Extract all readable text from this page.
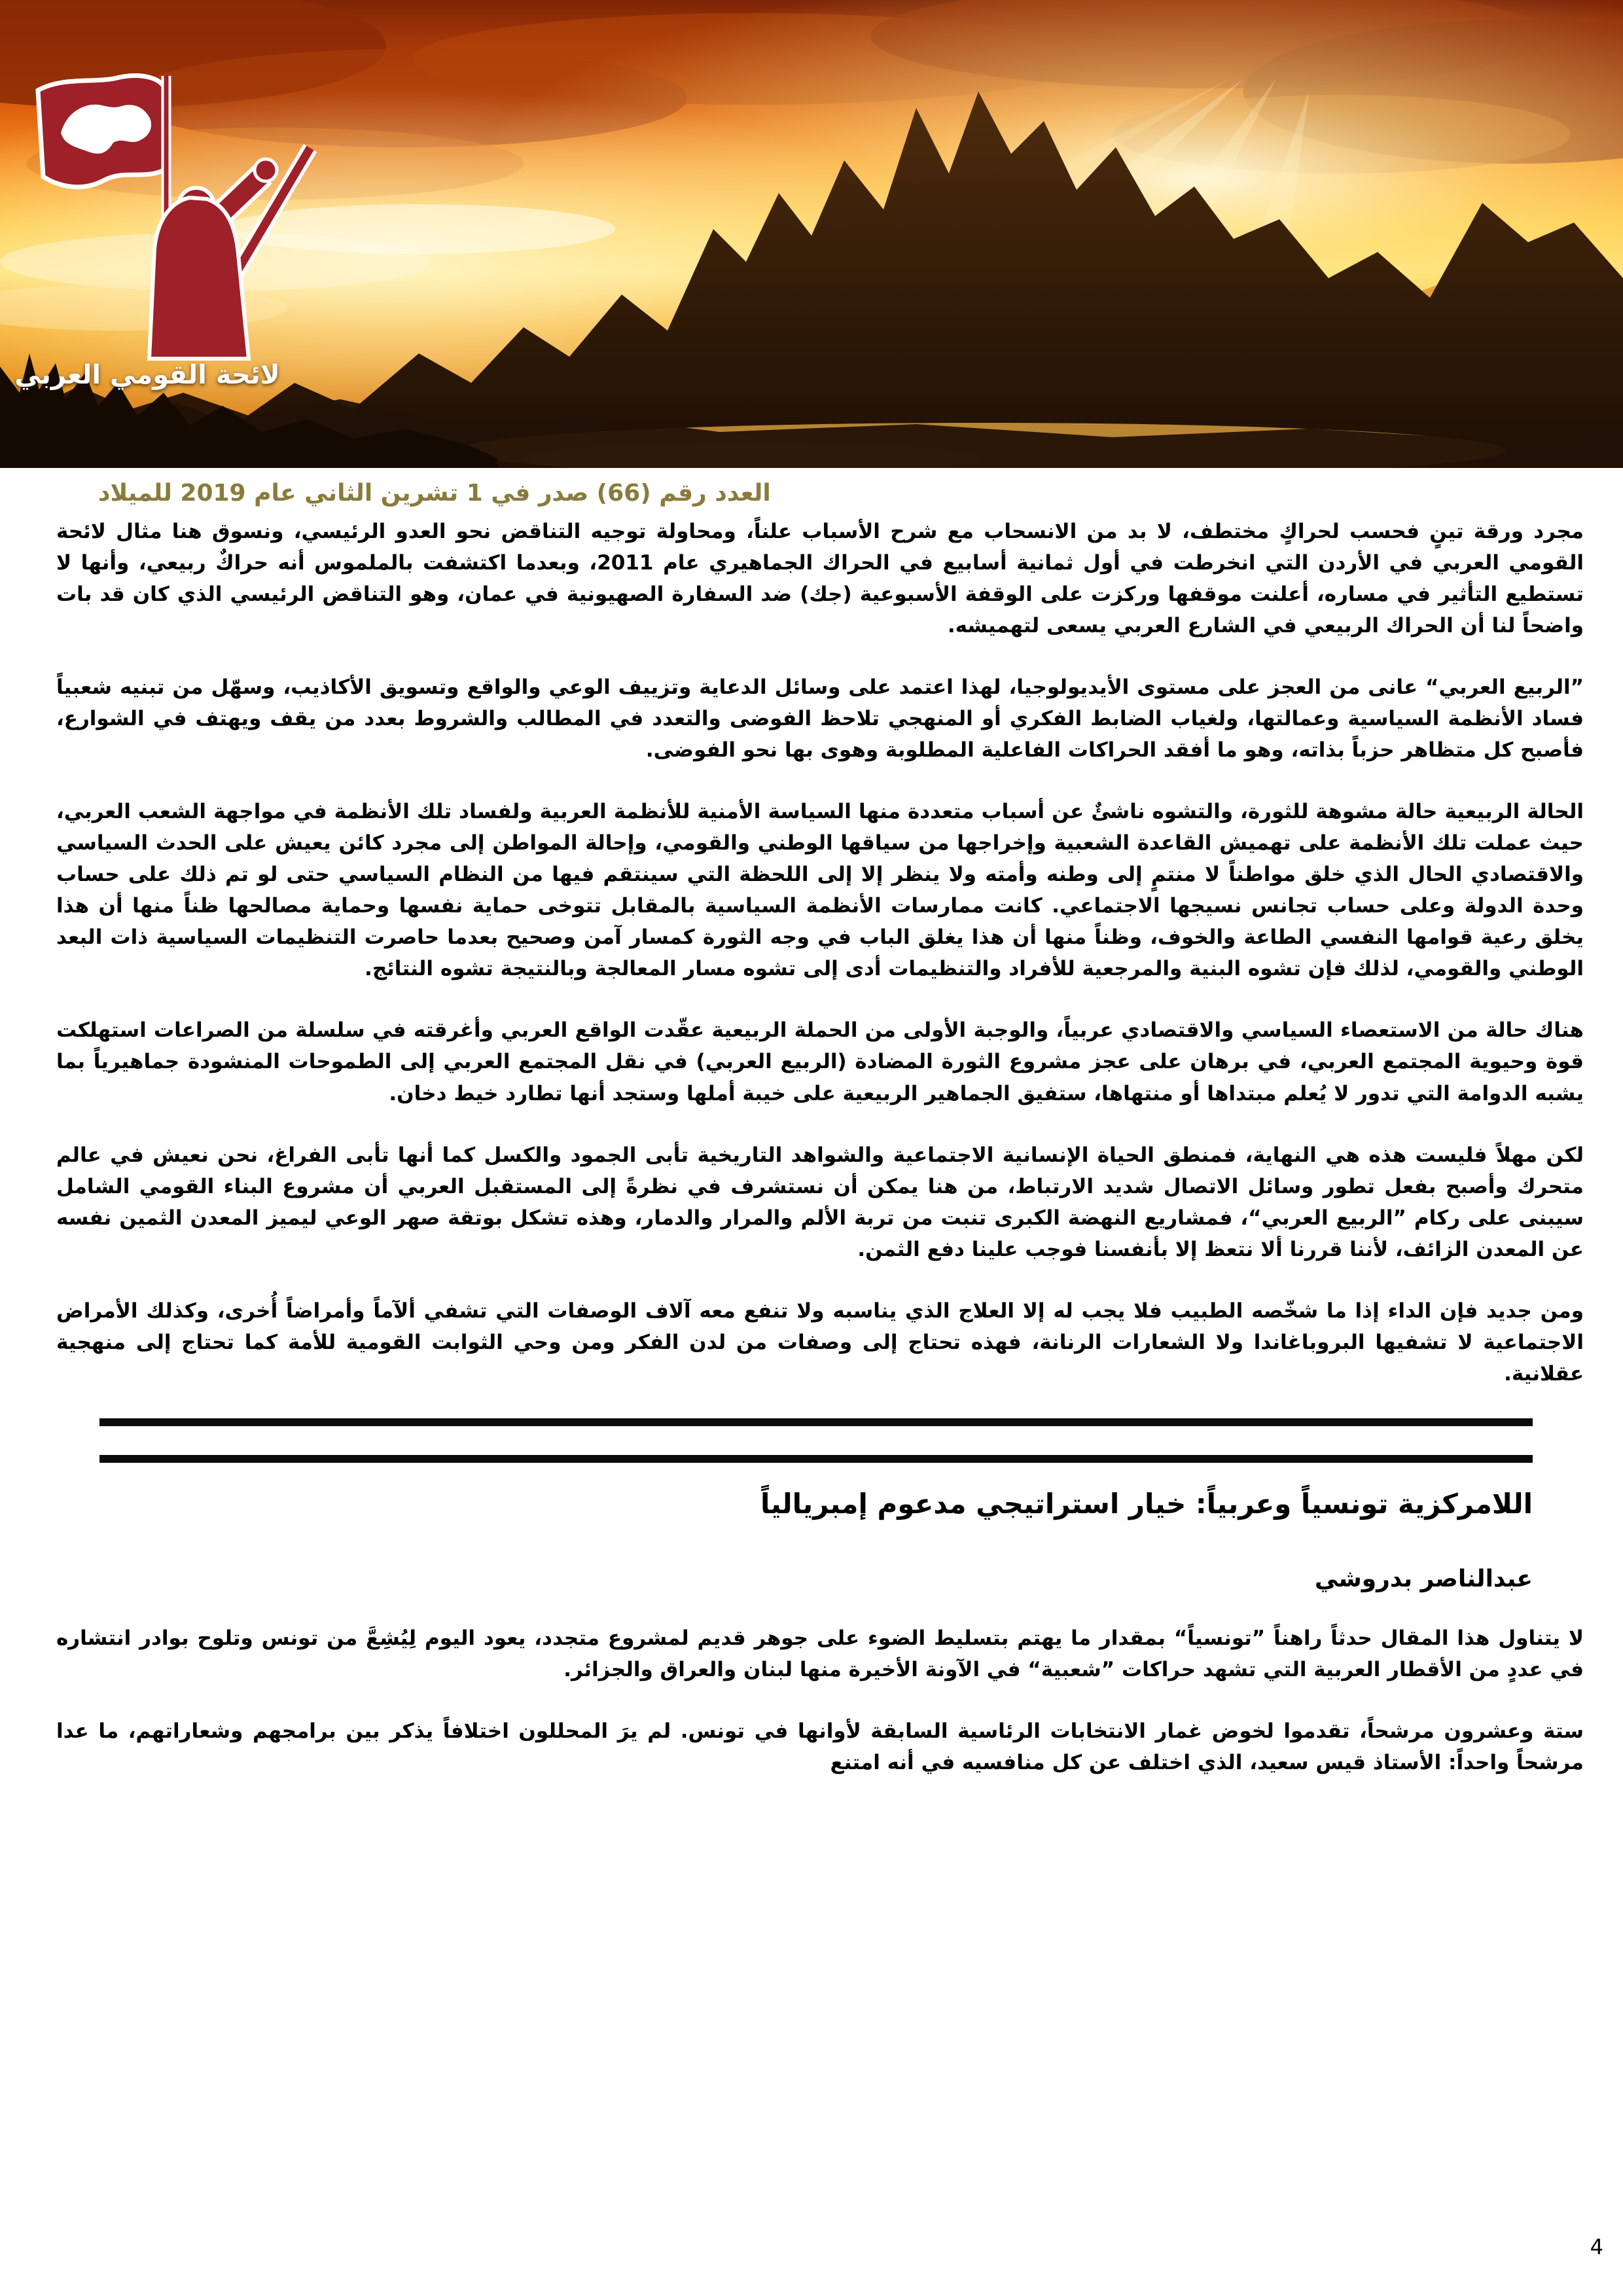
لائحة القومي العربي
العدد رقم (66) صدر في 1 تشرين الثاني عام 2019 للميلاد

مجرد ورقة تينٍ فحسب لحراكٍ مختطف، لا بد من الانسحاب مع شرح الأسباب علناً، ومحاولة توجيه التناقض نحو العدو الرئيسي، ونسوق هنا مثال لائحة القومي العربي في الأردن التي انخرطت في أول ثمانية أسابيع في الحراك الجماهيري عام 2011، وبعدما اكتشفت بالملموس أنه حراكٌ ربيعي، وأنها لا تستطيع التأثير في مساره، أعلنت موقفها وركزت على الوقفة الأسبوعية (جك) ضد السفارة الصهيونية في عمان، وهو التناقض الرئيسي الذي كان قد بات واضحاً لنا أن الحراك الربيعي في الشارع العربي يسعى لتهميشه.

”الربيع العربي“ عانى من العجز على مستوى الأيديولوجيا، لهذا اعتمد على وسائل الدعاية وتزييف الوعي والواقع وتسويق الأكاذيب، وسهّل من تبنيه شعبياً فساد الأنظمة السياسية وعمالتها، ولغياب الضابط الفكري أو المنهجي تلاحظ الفوضى والتعدد في المطالب والشروط بعدد من يقف ويهتف في الشوارع، فأصبح كل متظاهر حزباً بذاته، وهو ما أفقد الحراكات الفاعلية المطلوبة وهوى بها نحو الفوضى.

الحالة الربيعية حالة مشوهة للثورة، والتشوه ناشئٌ عن أسباب متعددة منها السياسة الأمنية للأنظمة العربية ولفساد تلك الأنظمة في مواجهة الشعب العربي، حيث عملت تلك الأنظمة على تهميش القاعدة الشعبية وإخراجها من سياقها الوطني والقومي، وإحالة المواطن إلى مجرد كائن يعيش على الحدث السياسي والاقتصادي الحال الذي خلق مواطناً لا منتمٍ إلى وطنه وأمته ولا ينظر إلا إلى اللحظة التي سينتقم فيها من النظام السياسي حتى لو تم ذلك على حساب وحدة الدولة وعلى حساب تجانس نسيجها الاجتماعي. كانت ممارسات الأنظمة السياسية بالمقابل تتوخى حماية نفسها وحماية مصالحها ظناً منها أن هذا يخلق رعية قوامها النفسي الطاعة والخوف، وظناً منها أن هذا يغلق الباب في وجه الثورة كمسار آمن وصحيح بعدما حاصرت التنظيمات السياسية ذات البعد الوطني والقومي، لذلك فإن تشوه البنية والمرجعية للأفراد والتنظيمات أدى إلى تشوه مسار المعالجة وبالنتيجة تشوه النتائج.

هناك حالة من الاستعصاء السياسي والاقتصادي عربياً، والوجبة الأولى من الحملة الربيعية عقّدت الواقع العربي وأغرقته في سلسلة من الصراعات استهلكت قوة وحيوية المجتمع العربي، في برهان على عجز مشروع الثورة المضادة (الربيع العربي) في نقل المجتمع العربي إلى الطموحات المنشودة جماهيرياً بما يشبه الدوامة التي تدور لا يُعلم مبتداها أو منتهاها، ستفيق الجماهير الربيعية على خيبة أملها وستجد أنها تطارد خيط دخان.

لكن مهلاً فليست هذه هي النهاية، فمنطق الحياة الإنسانية الاجتماعية والشواهد التاريخية تأبى الجمود والكسل كما أنها تأبى الفراغ، نحن نعيش في عالم متحرك وأصبح بفعل تطور وسائل الاتصال شديد الارتباط، من هنا يمكن أن نستشرف في نظرةً إلى المستقبل العربي أن مشروع البناء القومي الشامل سيبنى على ركام ”الربيع العربي“، فمشاريع النهضة الكبرى تنبت من تربة الألم والمرار والدمار، وهذه تشكل بوتقة صهر الوعي ليميز المعدن الثمين نفسه عن المعدن الزائف، لأننا قررنا ألا نتعظ إلا بأنفسنا فوجب علينا دفع الثمن.

ومن جديد فإن الداء إذا ما شخّصه الطبيب فلا يجب له إلا العلاج الذي يناسبه ولا تنفع معه آلاف الوصفات التي تشفي ألآماً وأمراضاً أُخرى، وكذلك الأمراض الاجتماعية لا تشفيها البروباغاندا ولا الشعارات الرنانة، فهذه تحتاج إلى وصفات من لدن الفكر ومن وحي الثوابت القومية للأمة كما تحتاج إلى منهجية عقلانية.

اللامركزية تونسياً وعربياً: خيار استراتيجي مدعوم إمبريالياً
عبدالناصر بدروشي

لا يتناول هذا المقال حدثاً راهناً ”تونسياً“ بمقدار ما يهتم بتسليط الضوء على جوهر قديم لمشروع متجدد، يعود اليوم لِيُشِعَّ من تونس وتلوح بوادر انتشاره في عددٍ من الأقطار العربية التي تشهد حراكات ”شعبية“ في الآونة الأخيرة منها لبنان والعراق والجزائر.

ستة وعشرون مرشحاً، تقدموا لخوض غمار الانتخابات الرئاسية السابقة لأوانها في تونس. لم يرَ المحللون اختلافاً يذكر بين برامجهم وشعاراتهم، ما عدا مرشحاً واحداً: الأستاذ قيس سعيد، الذي اختلف عن كل منافسيه في أنه امتنع

4
